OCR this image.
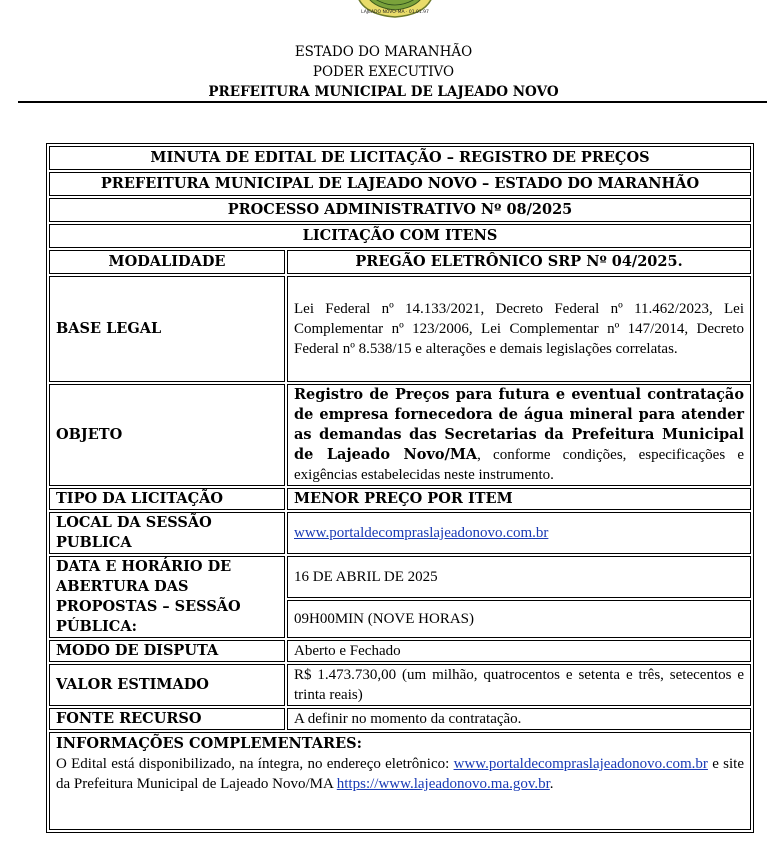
LAJEADO NOVO-MA · 01.01.97
ESTADO DO MARANHÃO
PODER EXECUTIVO
PREFEITURA MUNICIPAL DE LAJEADO NOVO
MINUTA DE EDITAL DE LICITAÇÃO – REGISTRO DE PREÇOS	
PREFEITURA MUNICIPAL DE LAJEADO NOVO – ESTADO DO MARANHÃO	
PROCESSO ADMINISTRATIVO Nº 08/2025	
LICITAÇÃO COM ITENS	
MODALIDADE	PREGÃO ELETRÔNICO SRP Nº 04/2025.
BASE LEGAL	Lei Federal nº 14.133/2021, Decreto Federal nº 11.462/2023, Lei Complementar nº 123/2006, Lei Complementar nº 147/2014, Decreto Federal nº 8.538/15 e alterações e demais legislações correlatas.
OBJETO	Registro de Preços para futura e eventual contratação de empresa fornecedora de água mineral para atender as demandas das Secretarias da Prefeitura Municipal de Lajeado Novo/MA, conforme condições, especificações e exigências estabelecidas neste instrumento.
TIPO DA LICITAÇÃO	MENOR PREÇO POR ITEM
LOCAL DA SESSÃO PUBLICA	www.portaldecompraslajeadonovo.com.br
DATA E HORÁRIO DE ABERTURA DAS PROPOSTAS – SESSÃO PÚBLICA:	16 DE ABRIL DE 2025
	09H00MIN (NOVE HORAS)
MODO DE DISPUTA	Aberto e Fechado
VALOR ESTIMADO	R$ 1.473.730,00 (um milhão, quatrocentos e setenta e três, setecentos e trinta reais)
FONTE RECURSO	A definir no momento da contratação.

INFORMAÇÕES COMPLEMENTARES:

O Edital está disponibilizado, na íntegra, no endereço eletrônico: www.portaldecompraslajeadonovo.com.br e site da Prefeitura Municipal de Lajeado Novo/MA https://www.lajeadonovo.ma.gov.br.	
